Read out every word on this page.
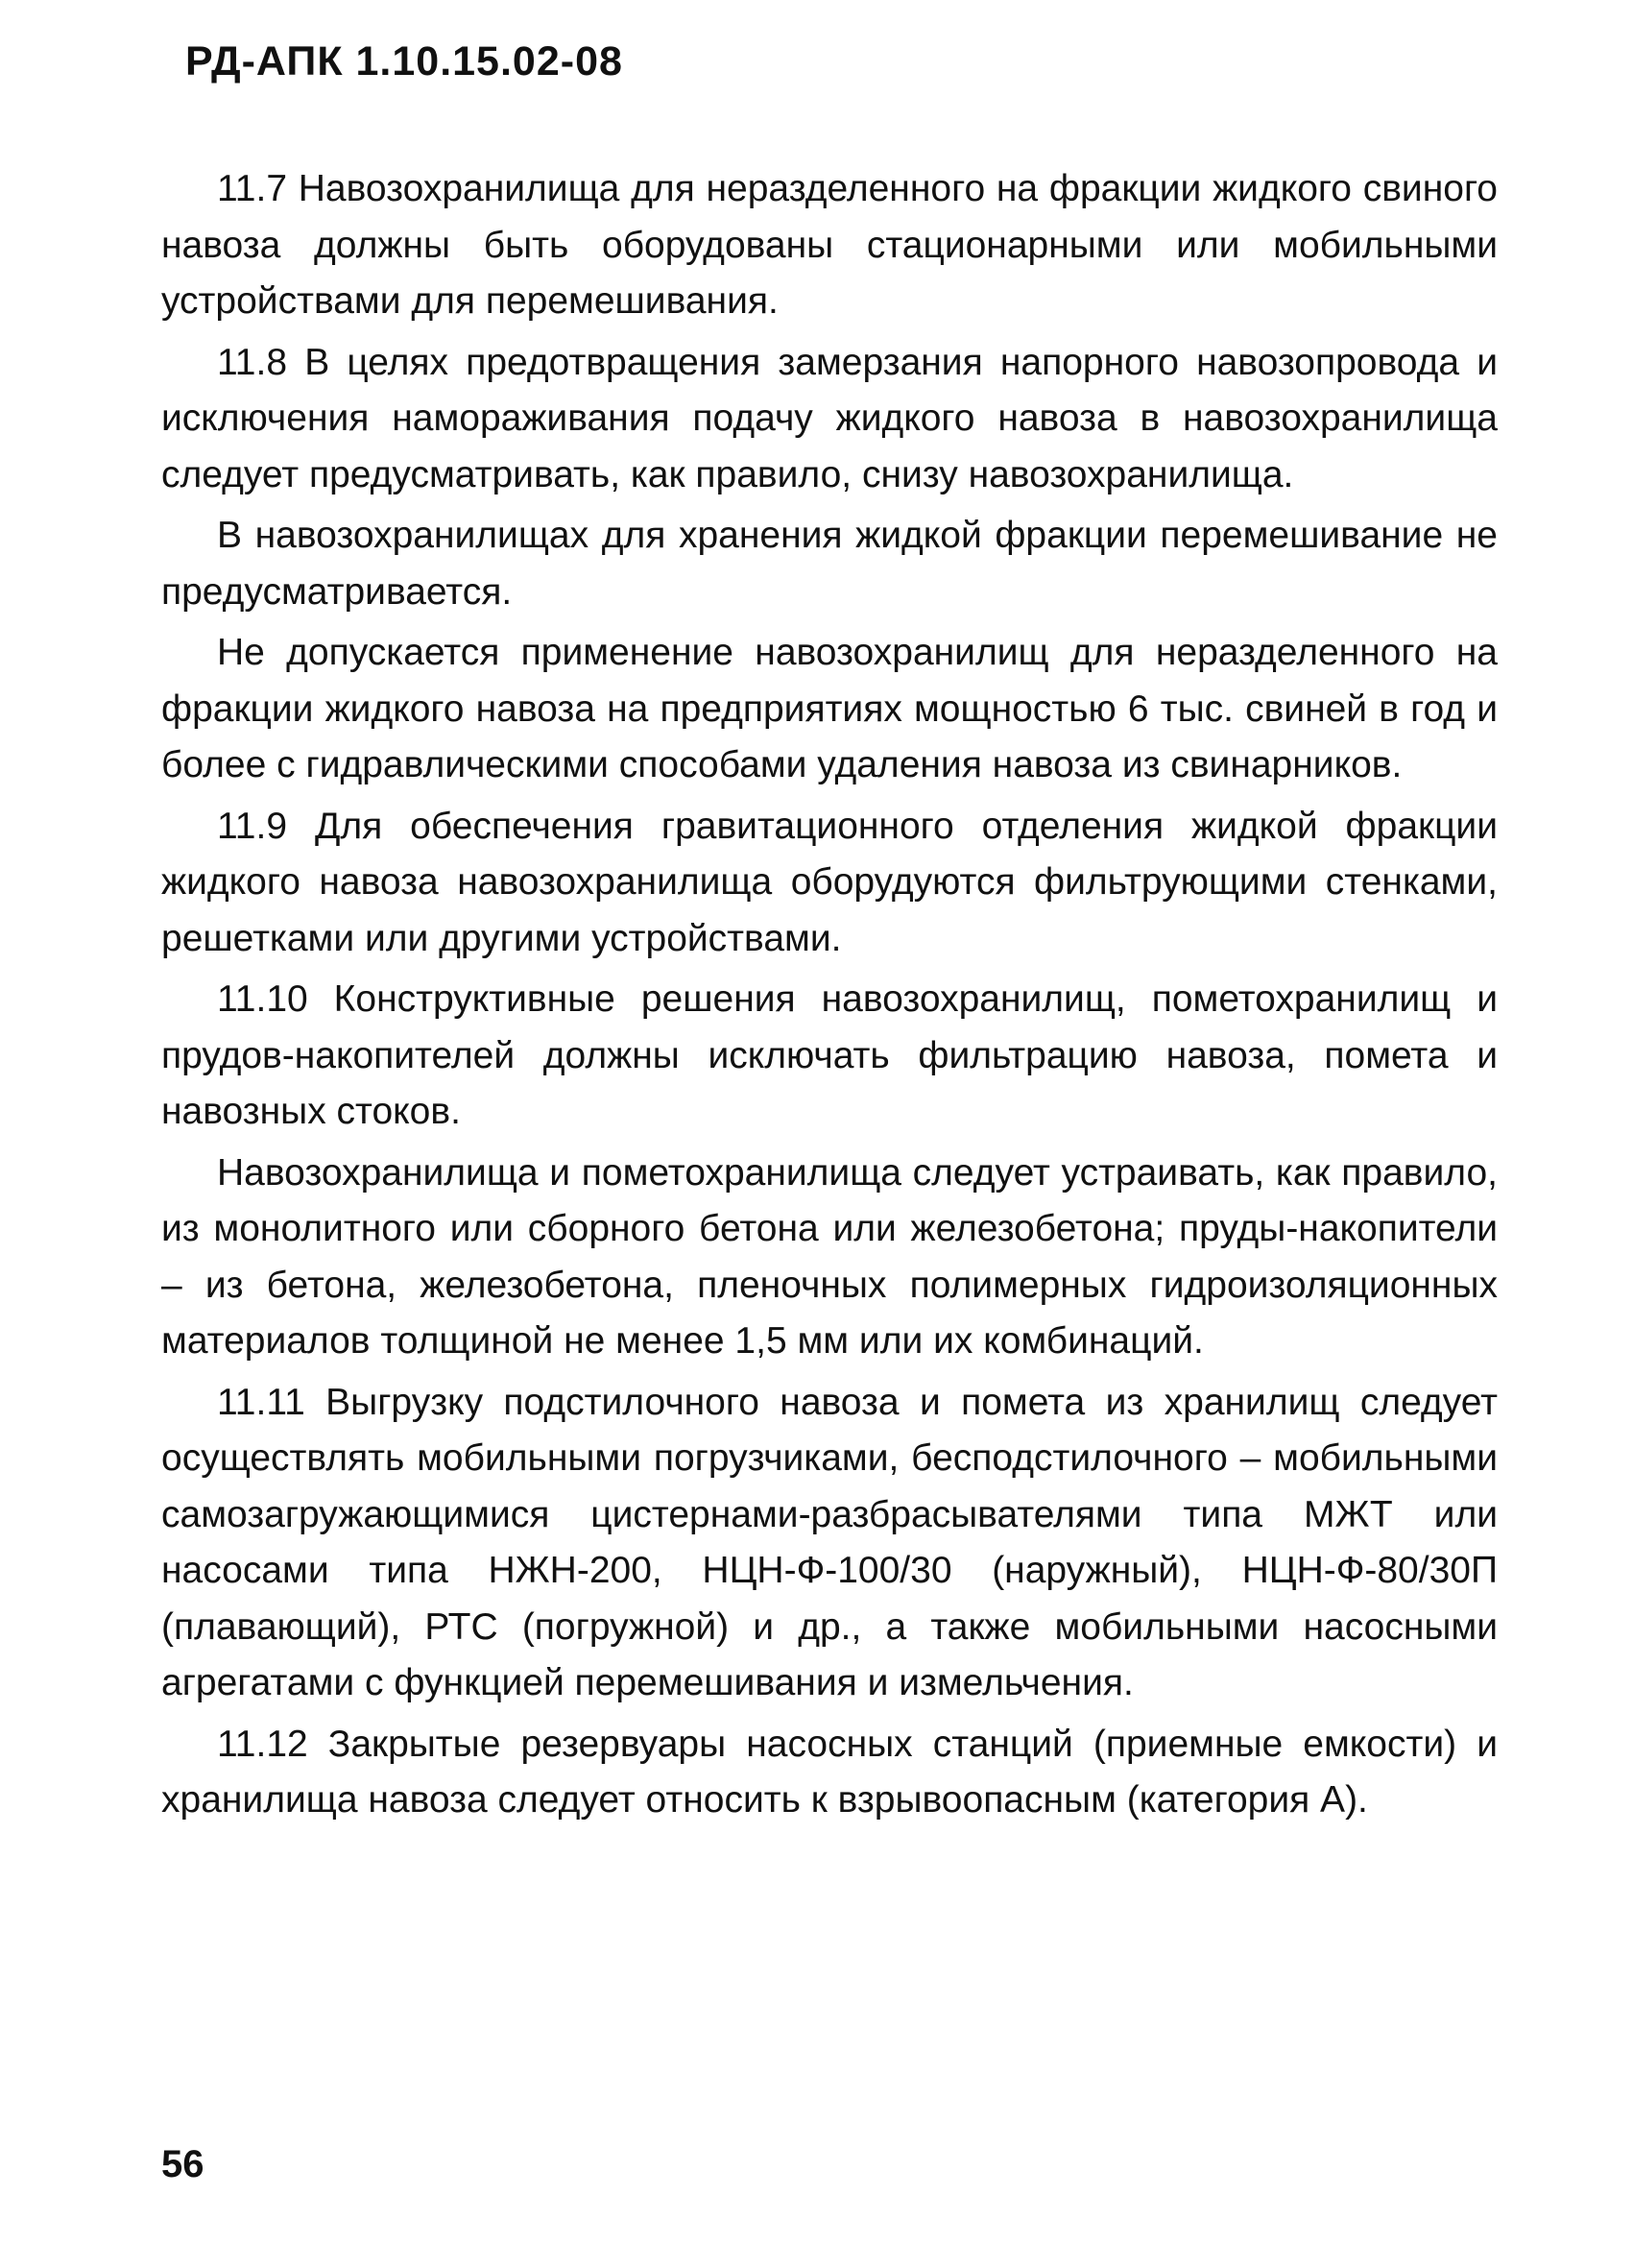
РД-АПК 1.10.15.02-08

11.7 Навозохранилища для неразделенного на фракции жидкого свиного навоза должны быть оборудованы стационарными или мобильными устройствами для перемешивания.

11.8 В целях предотвращения замерзания напорного навозопровода и исключения намораживания подачу жидкого навоза в навозохранилища следует предусматривать, как правило, снизу навозохранилища.

В навозохранилищах для хранения жидкой фракции перемешивание не предусматривается.

Не допускается применение навозохранилищ для неразделенного на фракции жидкого навоза на предприятиях мощностью 6 тыс. свиней в год и более с гидравлическими способами удаления навоза из свинарников.

11.9 Для обеспечения гравитационного отделения жидкой фракции жидкого навоза навозохранилища оборудуются фильтрующими стенками, решетками или другими устройствами.

11.10 Конструктивные решения навозохранилищ, пометохранилищ и прудов-накопителей должны исключать фильтрацию навоза, помета и навозных стоков.

Навозохранилища и пометохранилища следует устраивать, как правило, из монолитного или сборного бетона или железобетона; пруды-накопители – из бетона, железобетона, пленочных полимерных гидроизоляционных материалов толщиной не менее 1,5 мм или их комбинаций.

11.11 Выгрузку подстилочного навоза и помета из хранилищ следует осуществлять мобильными погрузчиками, бесподстилочного – мобильными самозагружающимися цистернами-разбрасывателями типа МЖТ или насосами типа НЖН-200, НЦН-Ф-100/30 (наружный), НЦН-Ф-80/30П (плавающий), РТС (погружной) и др., а также мобильными насосными агрегатами с функцией перемешивания и измельчения.

11.12 Закрытые резервуары насосных станций (приемные емкости) и хранилища навоза следует относить к взрывоопасным (категория А).

56
